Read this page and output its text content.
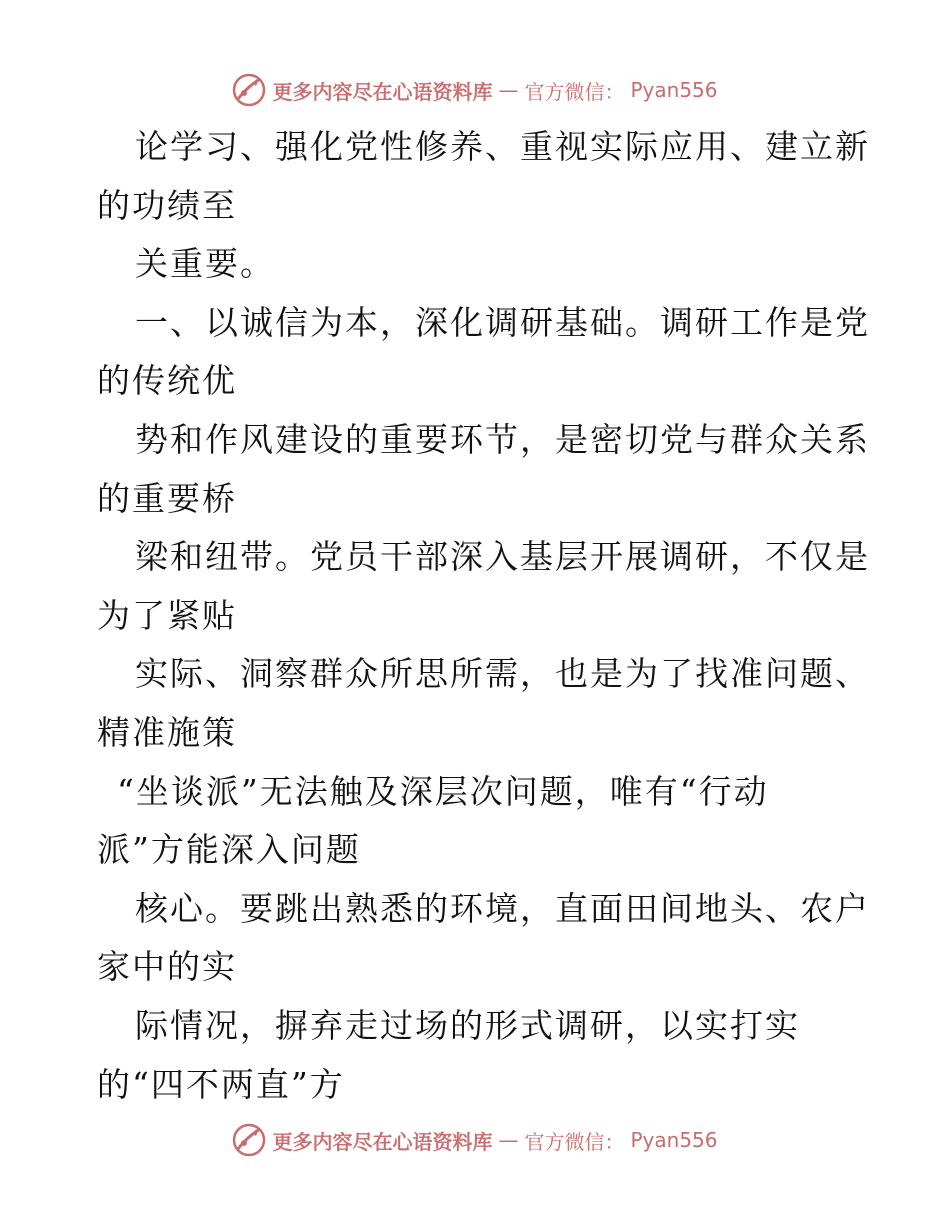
更多内容尽在心语资料库 — 官方微信： Pyan556
论学习、强化党性修养、重视实际应用、建立新
的功绩至
关重要。
一、以诚信为本，深化调研基础。调研工作是党
的传统优
势和作风建设的重要环节，是密切党与群众关系
的重要桥
梁和纽带。党员干部深入基层开展调研，不仅是
为了紧贴
实际、洞察群众所思所需，也是为了找准问题、
精准施策
“坐谈派”无法触及深层次问题，唯有“行动
派”方能深入问题
核心。要跳出熟悉的环境，直面田间地头、农户
家中的实
际情况，摒弃走过场的形式调研，以实打实
的“四不两直”方
更多内容尽在心语资料库 — 官方微信： Pyan556
